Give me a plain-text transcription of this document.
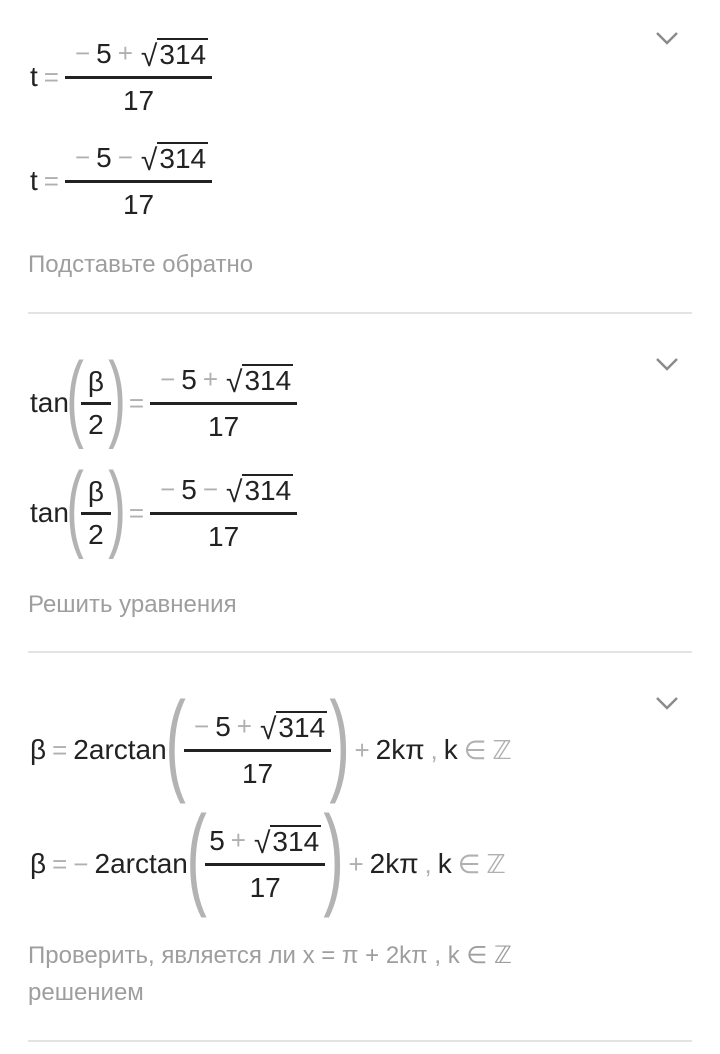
$t = \frac{- 5 + √ 314}{17}$
$t = \frac{- 5 - √ 314}{17}$
Подставьте обратно
tan
(
$\frac{\beta}{2}$
) = $\frac{- 5 + √ 314}{17}$
tan
(
$\frac{\beta}{2}$
) = $\frac{- 5 - √ 314}{17}$
Решить уравнения
β = 2 arctan
(
$\frac{- 5 + √ 314}{17}$
) + 2kπ , k ∈ ℤ
β = − 2 arctan
(
$\frac{5 + √ 314}{17}$
) + 2kπ , k ∈ ℤ
Проверить, является ли x = π + 2kπ , k ∈ ℤ
решением
